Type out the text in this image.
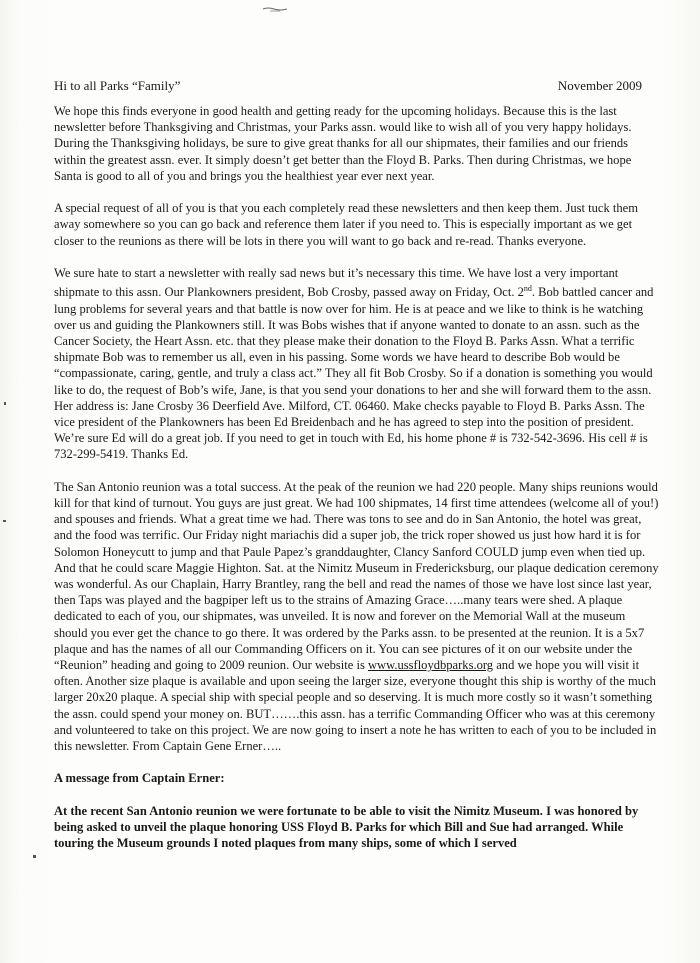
Hi to all Parks “Family”	November 2009

We hope this finds everyone in good health and getting ready for the upcoming holidays. Because this is the last newsletter before Thanksgiving and Christmas, your Parks assn. would like to wish all of you very happy holidays. During the Thanksgiving holidays, be sure to give great thanks for all our shipmates, their families and our friends within the greatest assn. ever. It simply doesn’t get better than the Floyd B. Parks. Then during Christmas, we hope Santa is good to all of you and brings you the healthiest year ever next year.

A special request of all of you is that you each completely read these newsletters and then keep them. Just tuck them away somewhere so you can go back and reference them later if you need to. This is especially important as we get closer to the reunions as there will be lots in there you will want to go back and re-read. Thanks everyone.

We sure hate to start a newsletter with really sad news but it’s necessary this time. We have lost a very important shipmate to this assn. Our Plankowners president, Bob Crosby, passed away on Friday, Oct. 2nd. Bob battled cancer and lung problems for several years and that battle is now over for him. He is at peace and we like to think is he watching over us and guiding the Plankowners still. It was Bobs wishes that if anyone wanted to donate to an assn. such as the Cancer Society, the Heart Assn. etc. that they please make their donation to the Floyd B. Parks Assn. What a terrific shipmate Bob was to remember us all, even in his passing. Some words we have heard to describe Bob would be “compassionate, caring, gentle, and truly a class act.” They all fit Bob Crosby. So if a donation is something you would like to do, the request of Bob’s wife, Jane, is that you send your donations to her and she will forward them to the assn. Her address is: Jane Crosby 36 Deerfield Ave. Milford, CT. 06460. Make checks payable to Floyd B. Parks Assn. The vice president of the Plankowners has been Ed Breidenbach and he has agreed to step into the position of president. We’re sure Ed will do a great job. If you need to get in touch with Ed, his home phone # is 732-542-3696. His cell # is 732-299-5419. Thanks Ed.

The San Antonio reunion was a total success. At the peak of the reunion we had 220 people. Many ships reunions would kill for that kind of turnout. You guys are just great. We had 100 shipmates, 14 first time attendees (welcome all of you!) and spouses and friends. What a great time we had. There was tons to see and do in San Antonio, the hotel was great, and the food was terrific. Our Friday night mariachis did a super job, the trick roper showed us just how hard it is for Solomon Honeycutt to jump and that Paule Papez’s granddaughter, Clancy Sanford COULD jump even when tied up. And that he could scare Maggie Highton. Sat. at the Nimitz Museum in Fredericksburg, our plaque dedication ceremony was wonderful. As our Chaplain, Harry Brantley, rang the bell and read the names of those we have lost since last year, then Taps was played and the bagpiper left us to the strains of Amazing Grace…..many tears were shed. A plaque dedicated to each of you, our shipmates, was unveiled. It is now and forever on the Memorial Wall at the museum should you ever get the chance to go there. It was ordered by the Parks assn. to be presented at the reunion. It is a 5x7 plaque and has the names of all our Commanding Officers on it. You can see pictures of it on our website under the “Reunion” heading and going to 2009 reunion. Our website is www.ussfloydbparks.org and we hope you will visit it often. Another size plaque is available and upon seeing the larger size, everyone thought this ship is worthy of the much larger 20x20 plaque. A special ship with special people and so deserving. It is much more costly so it wasn’t something the assn. could spend your money on. BUT…….this assn. has a terrific Commanding Officer who was at this ceremony and volunteered to take on this project. We are now going to insert a note he has written to each of you to be included in this newsletter. From Captain Gene Erner…..

A message from Captain Erner:

At the recent San Antonio reunion we were fortunate to be able to visit the Nimitz Museum. I was honored by being asked to unveil the plaque honoring USS Floyd B. Parks for which Bill and Sue had arranged. While touring the Museum grounds I noted plaques from many ships, some of which I served
